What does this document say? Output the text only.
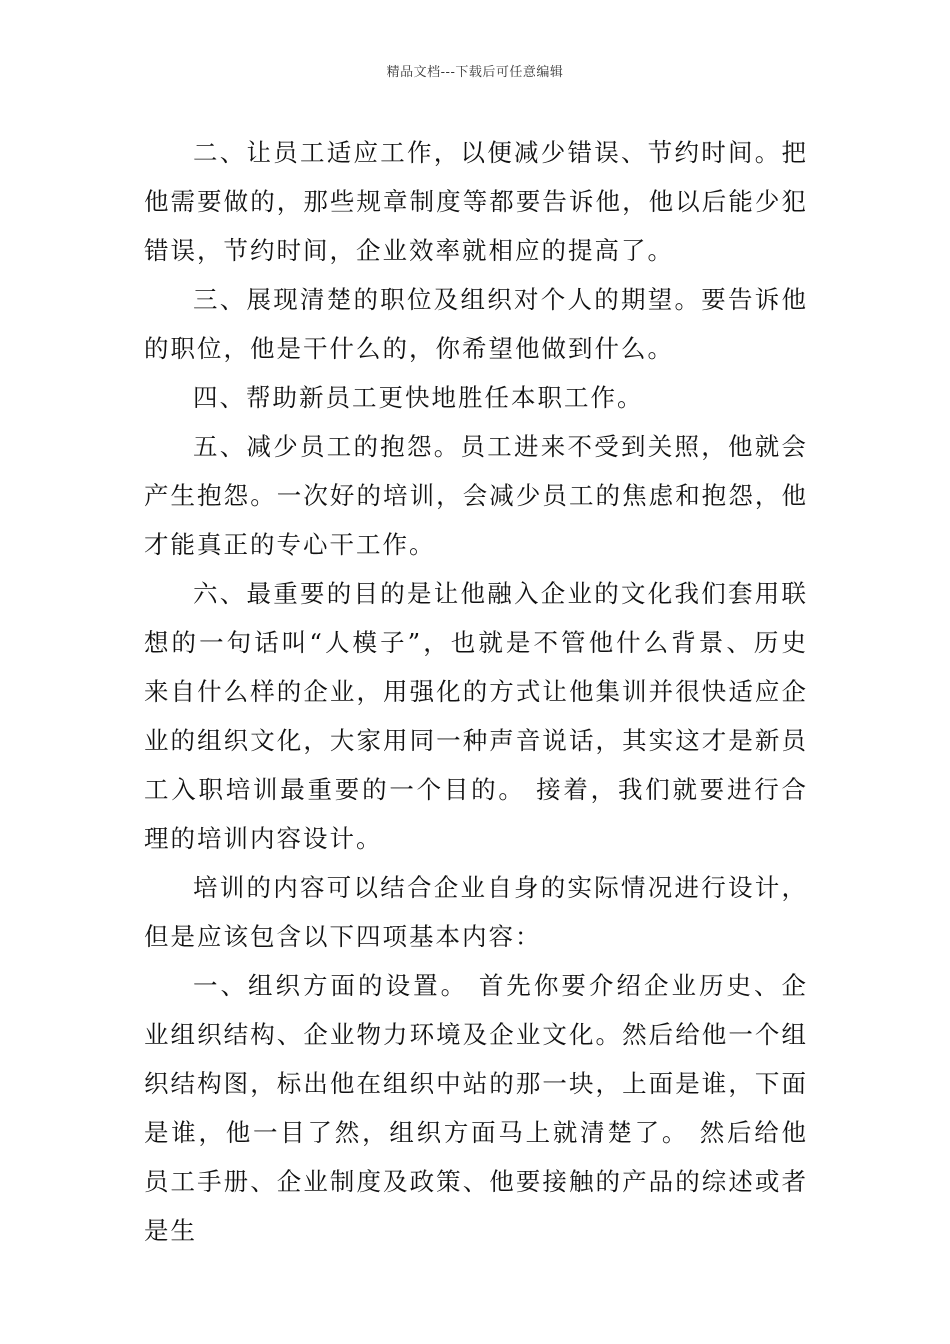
精品文档---下载后可任意编辑

二、让员工适应工作，以便减少错误、节约时间。把他需要做的，那些规章制度等都要告诉他，他以后能少犯错误，节约时间，企业效率就相应的提高了。

三、展现清楚的职位及组织对个人的期望。要告诉他的职位，他是干什么的，你希望他做到什么。

四、帮助新员工更快地胜任本职工作。

五、减少员工的抱怨。员工进来不受到关照，他就会产生抱怨。一次好的培训，会减少员工的焦虑和抱怨，他才能真正的专心干工作。

六、最重要的目的是让他融入企业的文化我们套用联想的一句话叫“人模子”，也就是不管他什么背景、历史来自什么样的企业，用强化的方式让他集训并很快适应企业的组织文化，大家用同一种声音说话，其实这才是新员工入职培训最重要的一个目的。 接着，我们就要进行合理的培训内容设计。

培训的内容可以结合企业自身的实际情况进行设计，但是应该包含以下四项基本内容：

一、组织方面的设置。 首先你要介绍企业历史、企业组织结构、企业物力环境及企业文化。然后给他一个组织结构图，标出他在组织中站的那一块，上面是谁，下面是谁，他一目了然，组织方面马上就清楚了。 然后给他员工手册、企业制度及政策、他要接触的产品的综述或者是生
